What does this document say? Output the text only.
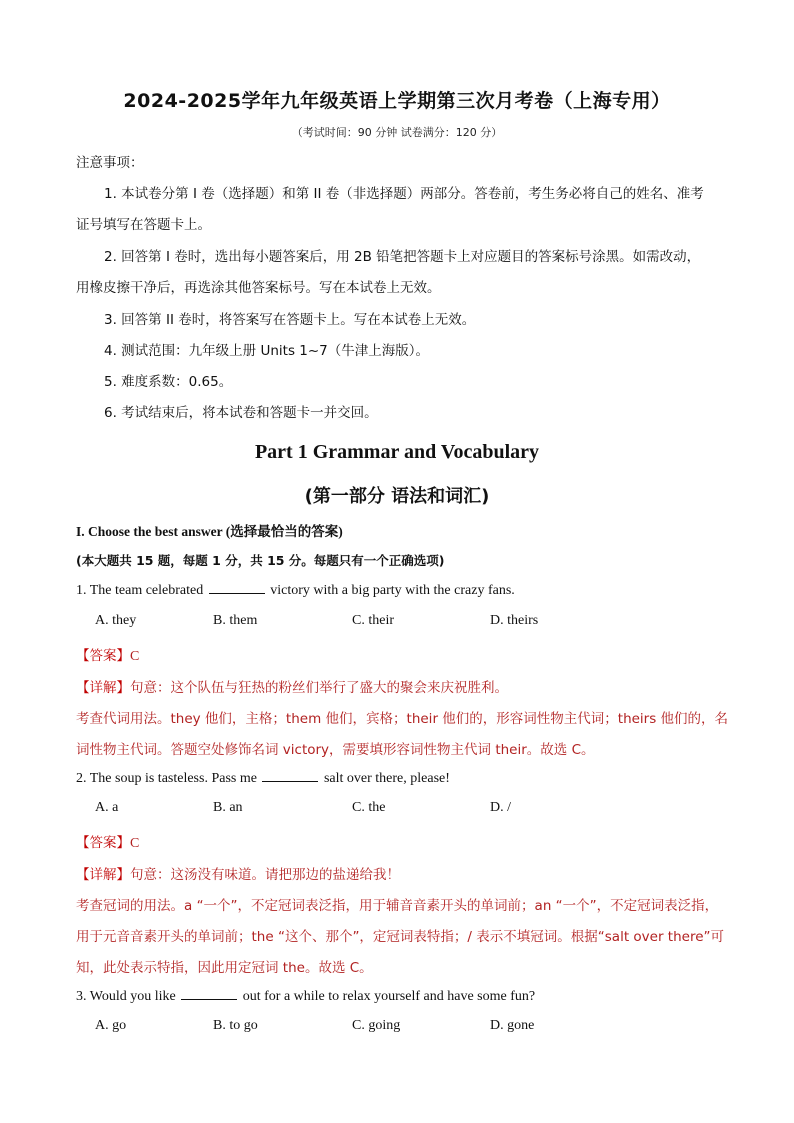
2024-2025学年九年级英语上学期第三次月考卷（上海专用）
（考试时间：90 分钟 试卷满分：120 分）
注意事项：
1. 本试卷分第 I 卷（选择题）和第 II 卷（非选择题）两部分。答卷前，考生务必将自己的姓名、准考
证号填写在答题卡上。
2. 回答第 I 卷时，选出每小题答案后，用 2B 铅笔把答题卡上对应题目的答案标号涂黑。如需改动，
用橡皮擦干净后，再选涂其他答案标号。写在本试卷上无效。
3. 回答第 II 卷时，将答案写在答题卡上。写在本试卷上无效。
4. 测试范围：九年级上册 Units 1~7（牛津上海版）。
5. 难度系数：0.65。
6. 考试结束后，将本试卷和答题卡一并交回。
Part 1 Grammar and Vocabulary
(第一部分 语法和词汇)
I. Choose the best answer (选择最恰当的答案)
(本大题共 15 题，每题 1 分，共 15 分。每题只有一个正确选项)
1. The team celebrated	victory with a big party with the crazy fans.
A. they	B. them	C. their	D. theirs
【答案】C
【详解】句意：这个队伍与狂热的粉丝们举行了盛大的聚会来庆祝胜利。
考查代词用法。they 他们，主格；them 他们，宾格；their 他们的，形容词性物主代词；theirs 他们的，名
词性物主代词。答题空处修饰名词 victory，需要填形容词性物主代词 their。故选 C。
2. The soup is tasteless. Pass me	salt over there, please!
A. a	B. an	C. the	D. /
【答案】C
【详解】句意：这汤没有味道。请把那边的盐递给我！
考查冠词的用法。a “一个”，不定冠词表泛指，用于辅音音素开头的单词前；an “一个”，不定冠词表泛指，
用于元音音素开头的单词前；the “这个、那个”，定冠词表特指；/ 表示不填冠词。根据“salt over there”可
知，此处表示特指，因此用定冠词 the。故选 C。
3. Would you like	out for a while to relax yourself and have some fun?
A. go	B. to go	C. going	D. gone
